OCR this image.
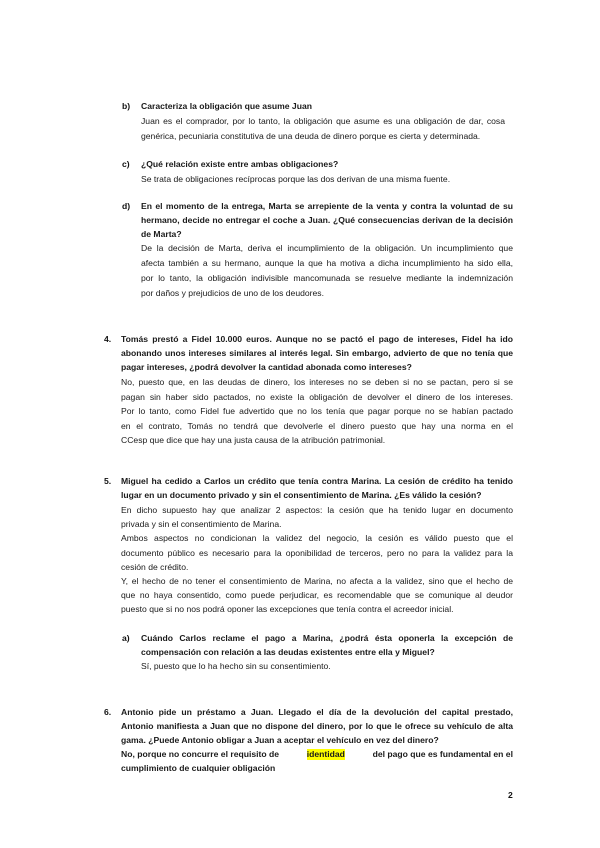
b) Caracteriza la obligación que asume Juan
Juan es el comprador, por lo tanto, la obligación que asume es una obligación de dar, cosa
genérica, pecuniaria constitutiva de una deuda de dinero porque es cierta y determinada.
c) ¿Qué relación existe entre ambas obligaciones?
Se trata de obligaciones recíprocas porque las dos derivan de una misma fuente.
d) En el momento de la entrega, Marta se arrepiente de la venta y contra la voluntad de su
hermano, decide no entregar el coche a Juan. ¿Qué consecuencias derivan de la decisión
de Marta?
De la decisión de Marta, deriva el incumplimiento de la obligación. Un incumplimiento que
afecta también a su hermano, aunque la que ha motiva a dicha incumplimiento ha sido ella,
por lo tanto, la obligación indivisible mancomunada se resuelve mediante la indemnización
por daños y prejudicios de uno de los deudores.
4. Tomás prestó a Fidel 10.000 euros. Aunque no se pactó el pago de intereses, Fidel ha ido
abonando unos intereses similares al interés legal. Sin embargo, advierto de que no tenía que
pagar intereses, ¿podrá devolver la cantidad abonada como intereses?
No, puesto que, en las deudas de dinero, los intereses no se deben si no se pactan, pero si se
pagan sin haber sido pactados, no existe la obligación de devolver el dinero de los intereses.
Por lo tanto, como Fidel fue advertido que no los tenía que pagar porque no se habían pactado
en el contrato, Tomás no tendrá que devolverle el dinero puesto que hay una norma en el
CCesp que dice que hay una justa causa de la atribución patrimonial.
5. Miguel ha cedido a Carlos un crédito que tenía contra Marina. La cesión de crédito ha tenido
lugar en un documento privado y sin el consentimiento de Marina. ¿Es válido la cesión?
En dicho supuesto hay que analizar 2 aspectos: la cesión que ha tenido lugar en documento
privada y sin el consentimiento de Marina.
Ambos aspectos no condicionan la validez del negocio, la cesión es válido puesto que el
documento público es necesario para la oponibilidad de terceros, pero no para la validez para la
cesión de crédito.
Y, el hecho de no tener el consentimiento de Marina, no afecta a la validez, sino que el hecho de
que no haya consentido, como puede perjudicar, es recomendable que se comunique al deudor
puesto que si no nos podrá oponer las excepciones que tenía contra el acreedor inicial.
a) Cuándo Carlos reclame el pago a Marina, ¿podrá ésta oponerla la excepción de
compensación con relación a las deudas existentes entre ella y Miguel?
Sí, puesto que lo ha hecho sin su consentimiento.
6. Antonio pide un préstamo a Juan. Llegado el día de la devolución del capital prestado,
Antonio manifiesta a Juan que no dispone del dinero, por lo que le ofrece su vehículo de alta
gama. ¿Puede Antonio obligar a Juan a aceptar el vehículo en vez del dinero?
No, porque no concurre el requisito de	identidad	del pago que es fundamental en el
cumplimiento de cualquier obligación
2
